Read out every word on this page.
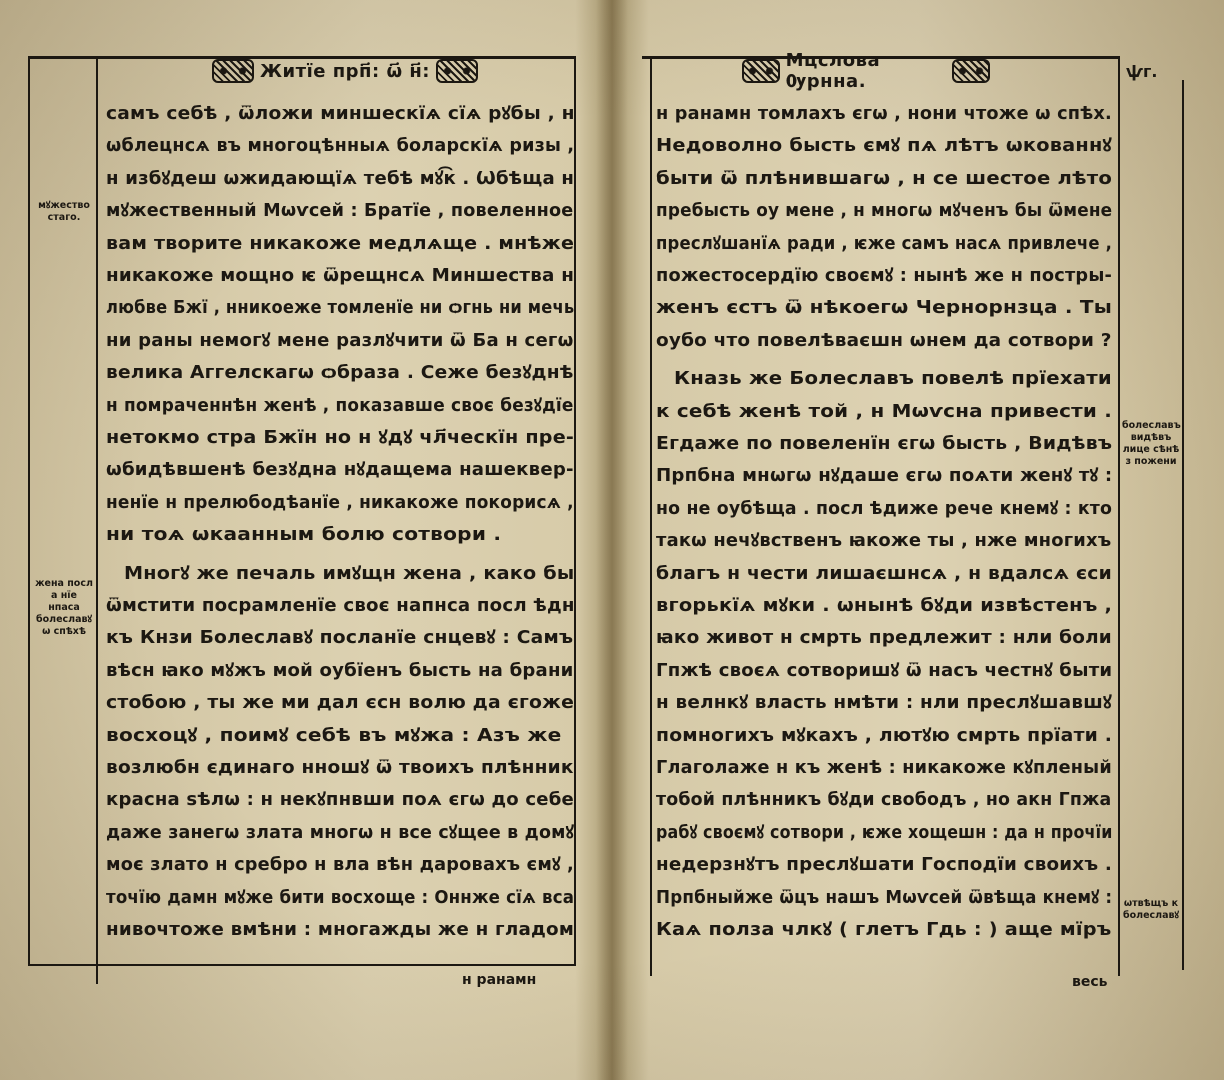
Житїе прп҃: ѡ҃ н҃:
мꙋжество стаго.
жена посл а нїе нпаса болеславꙋ ѡ спѣхѣ
самъ себѣ , ѿложи миншескїѧ сїѧ рꙋбы , н
ѡблецнсѧ въ многоцѣнныѧ боларскїѧ ризы ,
н избꙋдеш ѡжидающїѧ тебѣ мꙋ͡к . Ѡбѣща н
мꙋжественный Мωѵсей : Братїе , повеленное
вам творите никакоже медлѧще . мнѣже
никакоже мощно ѥ ѿрещнсѧ Миншества н
любве Бжї , нникоеже томленїе ни ѻгнь ни мечь
ни раны немогꙋ мене разлꙋчити ѿ Ба н сегѡ
велика Аггелскагѡ ѻбраза . Сеже безꙋднѣ
н помраченнѣн женѣ , показавше своє безꙋдїе
нетокмо стра Бжїн но н ꙋдꙋ чл҃ческїн пре-
ѡбидѣвшенѣ безꙋдна нꙋдащема нашеквер-
ненїе н прелюбодѣанїе , никакоже покорисѧ ,
ни тоѧ ѡкаанным болю сотвори .
Многꙋ же печаль имꙋщн жена , како бы
ѿмстити посрамленїе своє напнса посл ѣдн
къ Кнзи Болеславꙋ посланїе снцевꙋ : Самъ
вѣсн ꙗко мꙋжъ мой оубїенъ бысть на брани
стобою , ты же ми дал єсн волю да єгоже
восхоцꙋ , поимꙋ себѣ въ мꙋжа : Азъ же
возлюбн єдинаго нношꙋ ѿ твоихъ плѣнник
красна ѕѣлѡ : н некꙋпнвши поѧ єгѡ до себе
даже занегѡ злата многѡ н все сꙋщее в домꙋ
моє злато н сребро н вла вѣн даровахъ ємꙋ ,
точїю дамн мꙋже бити восхоще : Оннже сїѧ вса
нивочтоже вмѣни : многажды же н гладом
н ранамн
Мцслова Ѹрнна.	ѱг.
болеславъ видѣвъ лице сѣнѣ з пожени
ѡтвѣщъ к болеславꙋ
н ранамн томлахъ єгѡ , нони чтоже ѡ спѣх.
Недоволно бысть ємꙋ пѧ лѣтъ ѡкованнꙋ
быти ѿ плѣнившагѡ , н се шестое лѣто
пребысть оу мене , н многѡ мꙋченъ бы ѿмене
преслꙋшанїѧ ради , ѥже самъ насѧ привлече ,
пожестосердїю своємꙋ : нынѣ же н постры-
женъ єстъ ѿ нѣкоегѡ Чернорнзца . Ты
оубо что повелѣваєшн ѡнем да сотвори ?
Кназь же Болеславъ повелѣ прїехати
к себѣ женѣ той , н Мωѵсна привести .
Егдаже по повеленїн єгѡ бысть , Видѣвъ
Прпбна мнѡгѡ нꙋдаше єгѡ поѧти женꙋ тꙋ :
но не оубѣща . посл ѣдиже рече кнемꙋ : кто
такѡ нечꙋвственъ ꙗкоже ты , нже многихъ
благъ н чести лишаєшнсѧ , н вдалсѧ єси
вгорькїѧ мꙋки . ѡнынѣ бꙋди извѣстенъ ,
ꙗко живот н смрть предлежит : нли боли
Гпжѣ своєѧ сотворишꙋ ѿ насъ честнꙋ быти
н велнкꙋ власть нмѣти : нли преслꙋшавшꙋ
помногихъ мꙋкахъ , лютꙋю смрть прїати .
Глаголаже н къ женѣ : никакоже кꙋпленый
тобой плѣнникъ бꙋди свободъ , но акн Гпжа
рабꙋ своємꙋ сотвори , ѥже хощешн : да н прочїи
недерзнꙋтъ преслꙋшати Господїи своихъ .
Прпбныйже ѿцъ нашъ Мωѵсей ѿвѣща кнемꙋ :
Каѧ полза члкꙋ ( глетъ Гдь : ) аще мїръ
весь
